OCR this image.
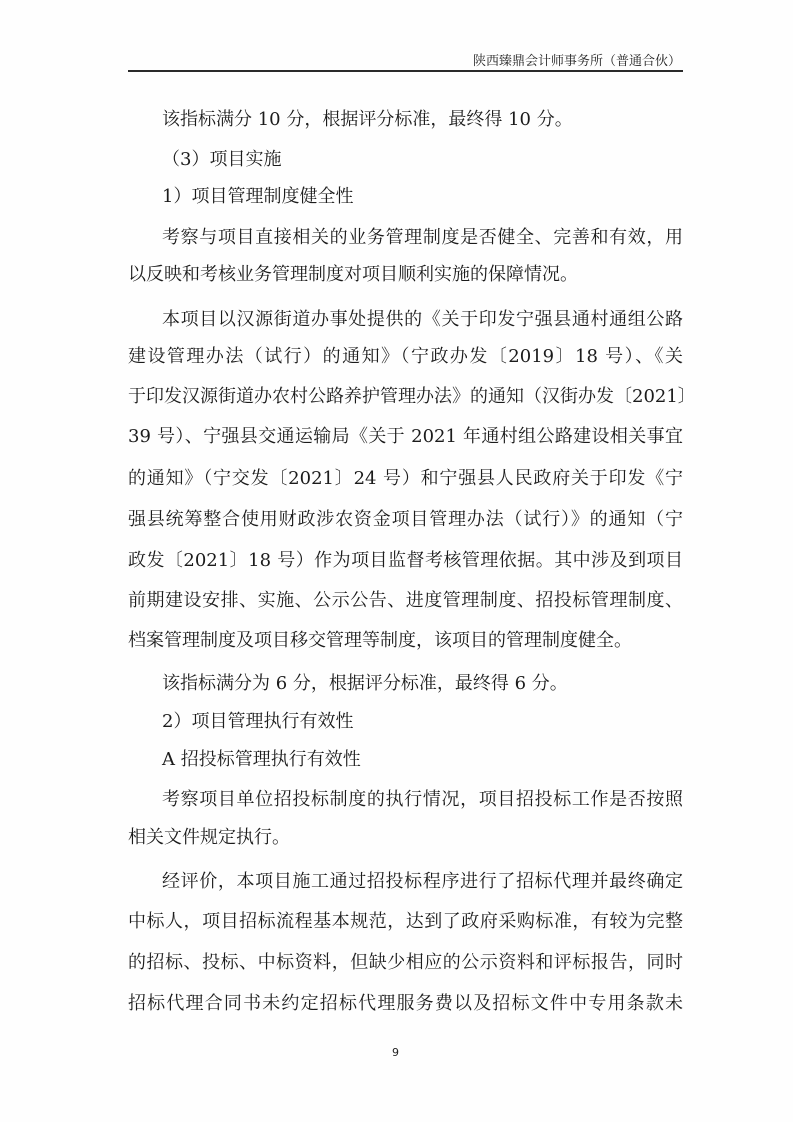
陕西臻鼎会计师事务所（普通合伙）
该指标满分 10 分，根据评分标准，最终得 10 分。
（3）项目实施
1）项目管理制度健全性
考察与项目直接相关的业务管理制度是否健全、完善和有效，用
以反映和考核业务管理制度对项目顺利实施的保障情况。
本项目以汉源街道办事处提供的《关于印发宁强县通村通组公路
建设管理办法（试行）的通知》（宁政办发〔2019〕18 号）、《关
于印发汉源街道办农村公路养护管理办法》的通知（汉街办发〔2021〕
39 号）、宁强县交通运输局《关于 2021 年通村组公路建设相关事宜
的通知》（宁交发〔2021〕24 号）和宁强县人民政府关于印发《宁
强县统筹整合使用财政涉农资金项目管理办法（试行）》的通知（宁
政发〔2021〕18 号）作为项目监督考核管理依据。其中涉及到项目
前期建设安排、实施、公示公告、进度管理制度、招投标管理制度、
档案管理制度及项目移交管理等制度，该项目的管理制度健全。
该指标满分为 6 分，根据评分标准，最终得 6 分。
2）项目管理执行有效性
A 招投标管理执行有效性
考察项目单位招投标制度的执行情况，项目招投标工作是否按照
相关文件规定执行。
经评价，本项目施工通过招投标程序进行了招标代理并最终确定
中标人，项目招标流程基本规范，达到了政府采购标准，有较为完整
的招标、投标、中标资料，但缺少相应的公示资料和评标报告，同时
招标代理合同书未约定招标代理服务费以及招标文件中专用条款未
9
